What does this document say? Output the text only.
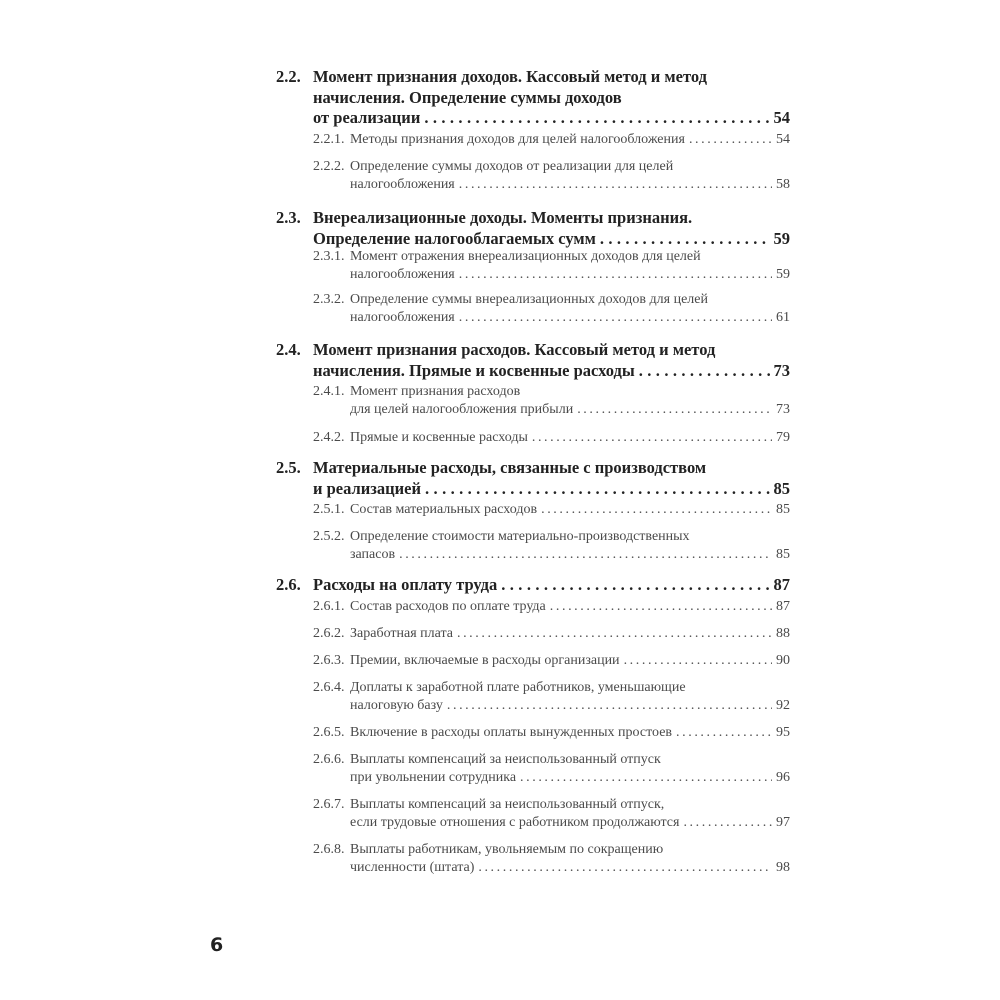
2.2. Момент признания доходов. Кассовый метод и метод
начисления. Определение суммы доходов
от реализации .....	54
2.2.1. Методы признания доходов для целей налогообложения .....	54
2.2.2. Определение суммы доходов от реализации для целей
налогообложения .....	58
2.3. Внереализационные доходы. Моменты признания.
Определение налогооблагаемых сумм .....	59
2.3.1. Момент отражения внереализационных доходов для целей
налогообложения .....	59
2.3.2. Определение суммы внереализационных доходов для целей
налогообложения .....	61
2.4. Момент признания расходов. Кассовый метод и метод
начисления. Прямые и косвенные расходы .....	73
2.4.1. Момент признания расходов
для целей налогообложения прибыли .....	73
2.4.2. Прямые и косвенные расходы .....	79
2.5. Материальные расходы, связанные с производством
и реализацией .....	85
2.5.1. Состав материальных расходов .....	85
2.5.2. Определение стоимости материально-производственных
запасов .....	85
2.6. Расходы на оплату труда .....	87
2.6.1. Состав расходов по оплате труда .....	87
2.6.2. Заработная плата .....	88
2.6.3. Премии, включаемые в расходы организации .....	90
2.6.4. Доплаты к заработной плате работников, уменьшающие
налоговую базу .....	92
2.6.5. Включение в расходы оплаты вынужденных простоев .....	95
2.6.6. Выплаты компенсаций за неиспользованный отпуск
при увольнении сотрудника .....	96
2.6.7. Выплаты компенсаций за неиспользованный отпуск,
если трудовые отношения с работником продолжаются .....	97
2.6.8. Выплаты работникам, увольняемым по сокращению
численности (штата) .....	98
6
